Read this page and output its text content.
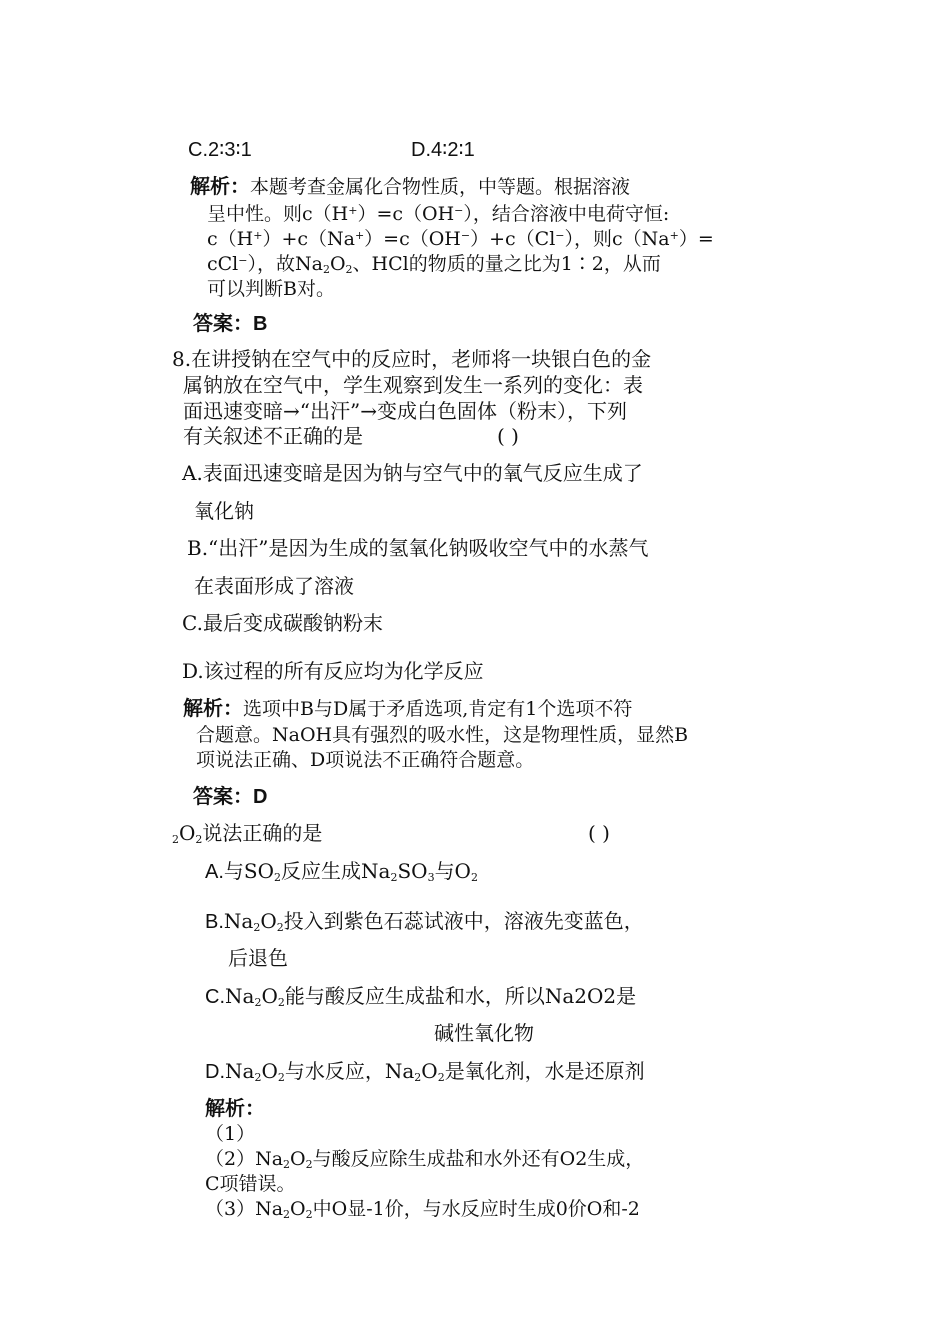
C.2∶3∶1	D.4∶2∶1
解析：本题考查金属化合物性质，中等题。根据溶液
呈中性。则c（H+）=c（OH−），结合溶液中电荷守恒:
c（H+）+c（Na+）=c（OH−）+c（Cl−），则c（Na+）=
cCl−），故$Na_2O_2$、HCl的物质的量之比为1∶2，从而
可以判断B对。
答案：B
8.在讲授钠在空气中的反应时，老师将一块银白色的金
属钠放在空气中，学生观察到发生一系列的变化：表
面迅速变暗→“出汗”→变成白色固体（粉末），下列
有关叙述不正确的是	( )
A.表面迅速变暗是因为钠与空气中的氧气反应生成了
氧化钠
B.“出汗”是因为生成的氢氧化钠吸收空气中的水蒸气
在表面形成了溶液
C.最后变成碳酸钠粉末
D.该过程的所有反应均为化学反应
解析：选项中B与D属于矛盾选项,肯定有1个选项不符
合题意。NaOH具有强烈的吸水性，这是物理性质，显然B
项说法正确、D项说法不正确符合题意。
答案：D
$_2O_2$说法正确的是	( )
A.与$SO_2$反应生成$Na_2SO_3$与$O_2$
$B.Na_2O_2$投入到紫色石蕊试液中，溶液先变蓝色，
后退色
$C.Na_2O_2$能与酸反应生成盐和水，所以Na2O2是
碱性氧化物
$D.Na_2O_2$与水反应，$Na_2O_2$是氧化剂，水是还原剂
解析：
（1）
$(2)Na_2O_2$与酸反应除生成盐和水外还有O2生成，
C项错误。
$(3)Na_2O_2$中O显-1价，与水反应时生成0价O和-2
